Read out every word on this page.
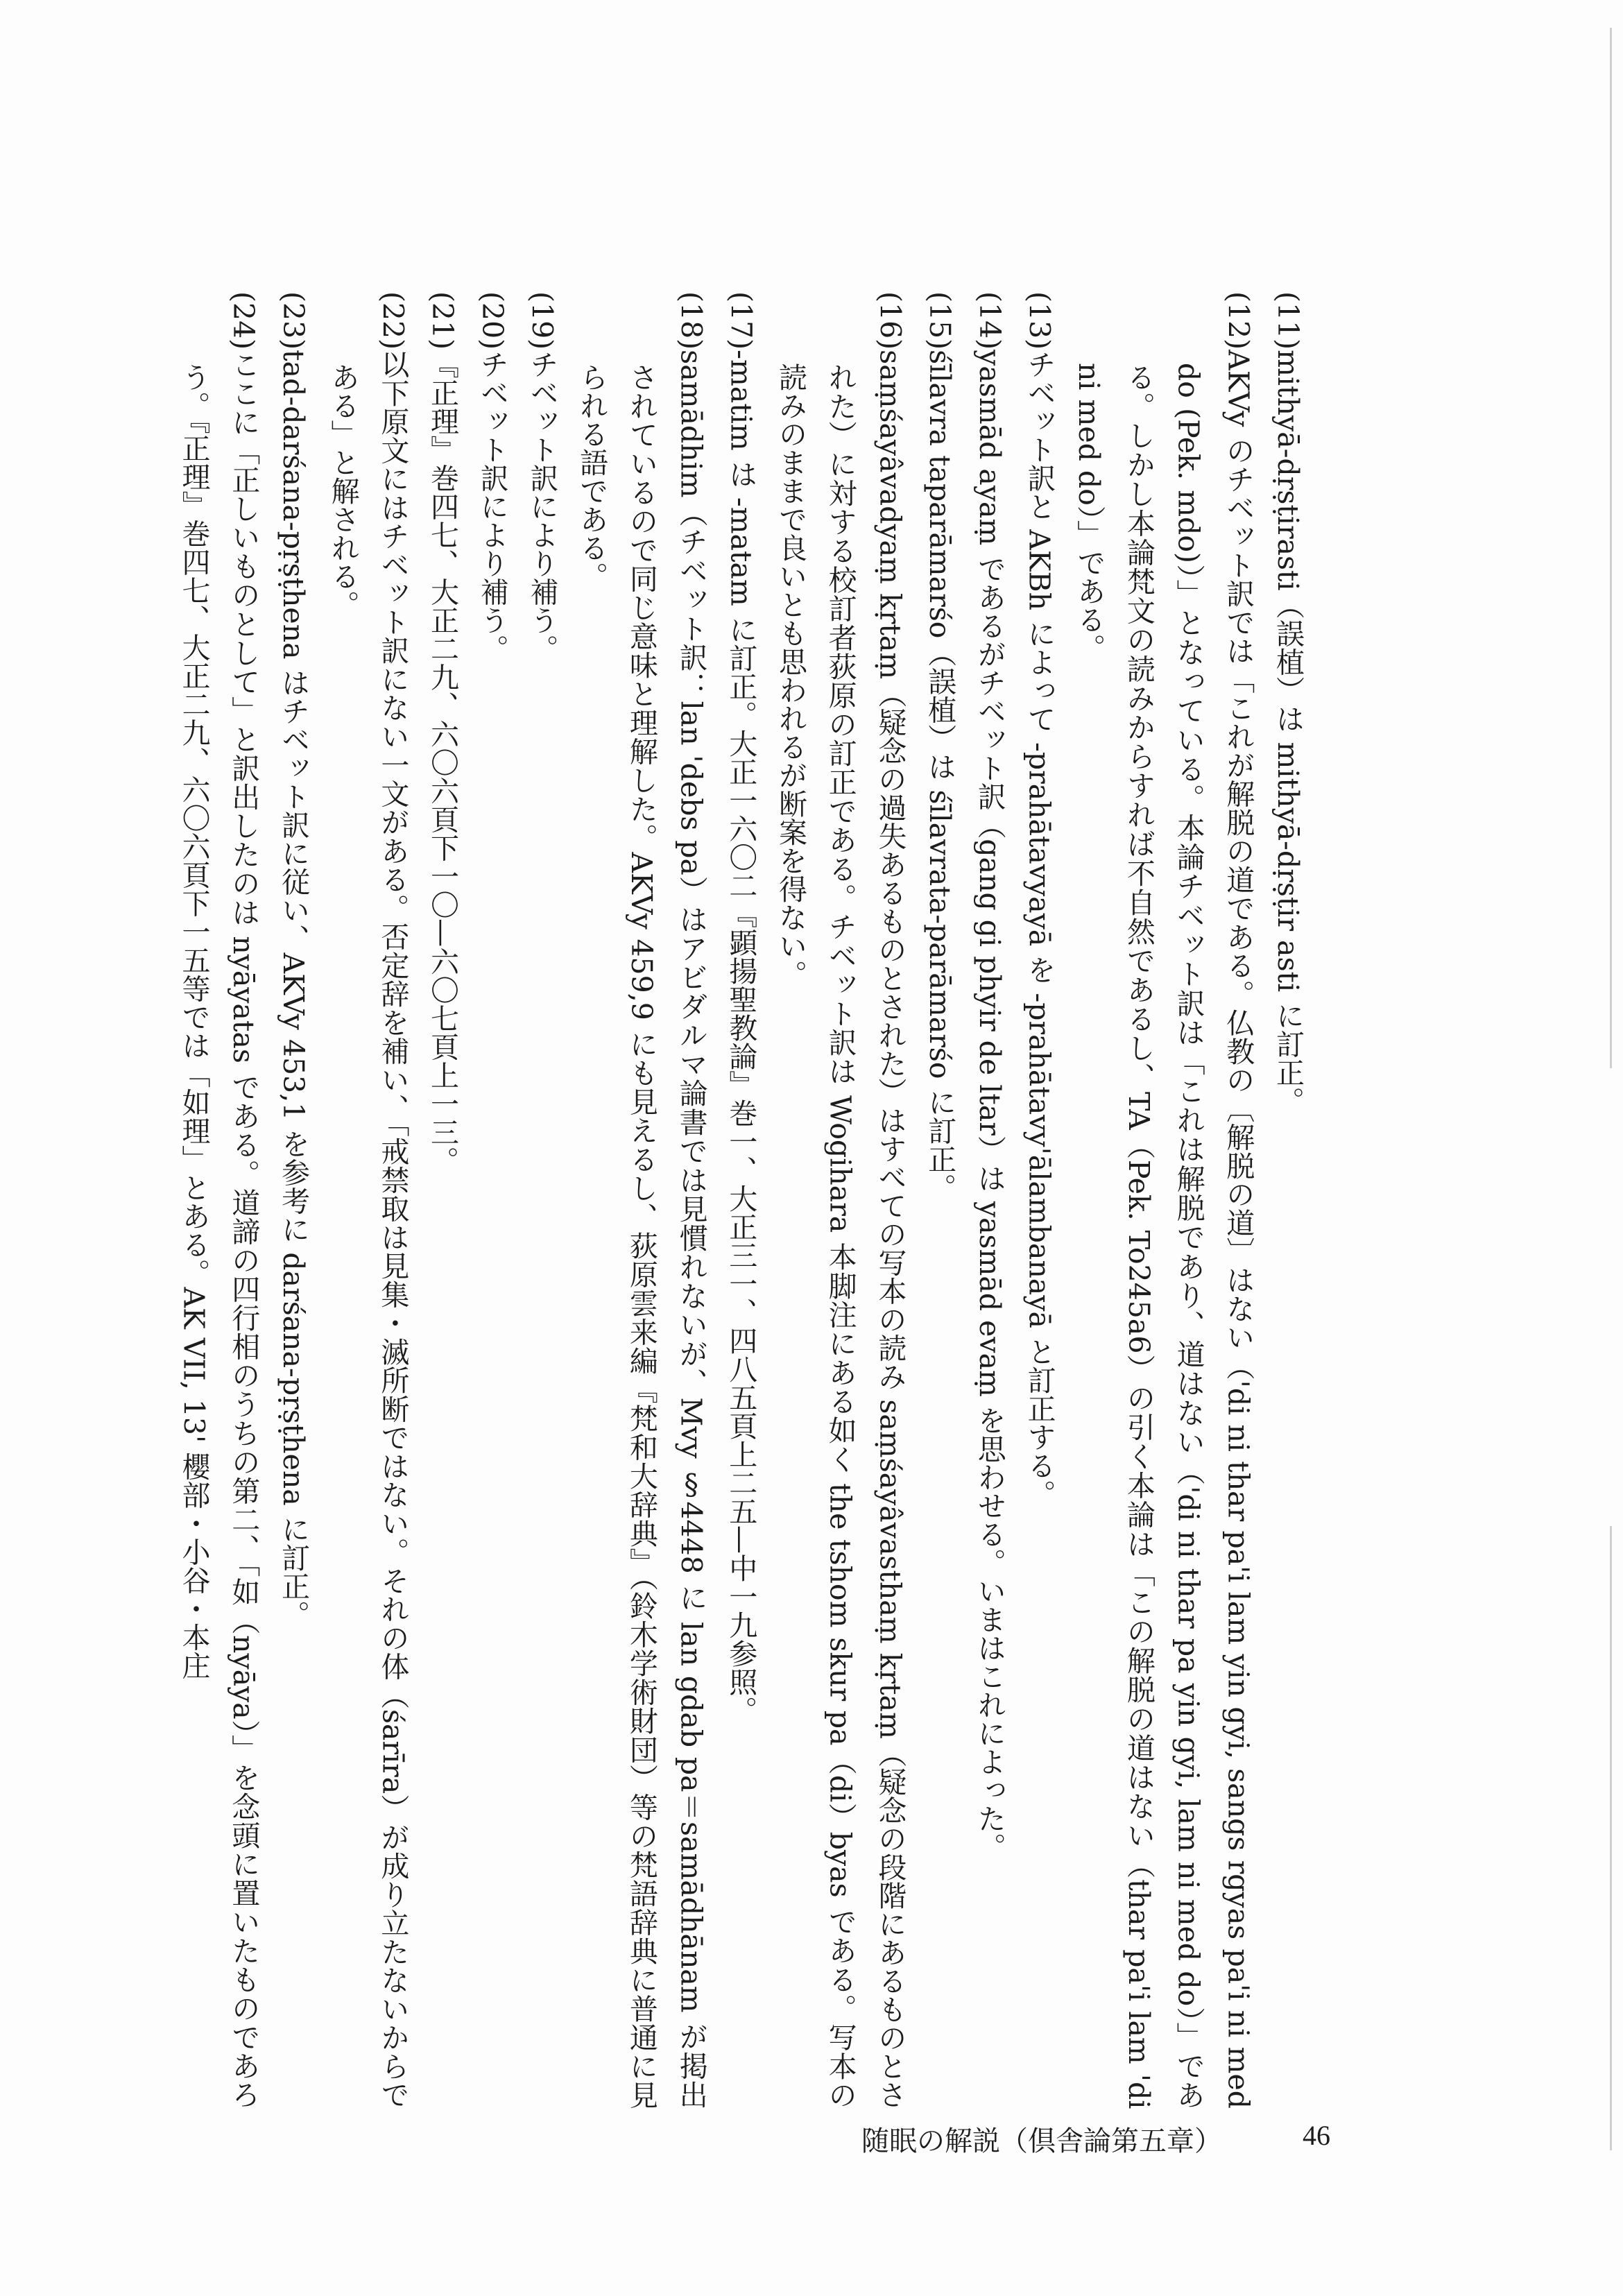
(11)mithyā-dṛṣṭirasti（誤植）は mithyā-dṛṣṭir asti に訂正。

(12)AKVy のチベット訳では「これが解脱の道である。仏教の〔解脱の道〕はない（'di ni thar pa'i lam yin gyi, sangs rgyas pa'i ni med do (Pek. mdo)）」となっている。本論チベット訳は「これは解脱であり、道はない（'di ni thar pa yin gyi, lam ni med do）」である。しかし本論梵文の読みからすれば不自然であるし、TA（Pek. To245a6）の引く本論は「この解脱の道はない（thar pa'i lam 'di ni med do）」である。

(13)チベット訳と AKBh によって -prahātavyayā を -prahātavy'ālambanayā と訂正する。

(14)yasmād ayaṃ であるがチベット訳（gang gi phyir de ltar）は yasmād evaṃ を思わせる。いまはこれによった。

(15)śīlavra taparāmarśo（誤植）は śīlavrata-parāmarśo に訂正。

(16)saṃśayâvadyaṃ kṛtaṃ（疑念の過失あるものとされた）はすべての写本の読み saṃśayâvasthaṃ kṛtaṃ（疑念の段階にあるものとされた）に対する校訂者荻原の訂正である。チベット訳は Wogihara 本脚注にある如く the tshom skur pa（di）byas である。写本の読みのままで良いとも思われるが断案を得ない。

(17)-matim は -matam に訂正。大正一六〇二『顕揚聖教論』巻一、大正三一、四八五頁上二五—中一九参照。

(18)samādhim（チベット訳：lan 'debs pa）はアビダルマ論書では見慣れないが、Mvy §4448 に lan gdab pa＝samādhānam が掲出されているので同じ意味と理解した。AKVy 459,9 にも見えるし、荻原雲来編『梵和大辞典』（鈴木学術財団）等の梵語辞典に普通に見られる語である。

(19)チベット訳により補う。

(20)チベット訳により補う。

(21)『正理』巻四七、大正二九、六〇六頁下一〇—六〇七頁上一三。

(22)以下原文にはチベット訳にない一文がある。否定辞を補い、「戒禁取は見集・滅所断ではない。それの体（śarīra）が成り立たないからである」と解される。

(23)tad-darśana-pṛṣṭhena はチベット訳に従い、AKVy 453,1 を参考に darśana-pṛṣṭhena に訂正。

(24)ここに「正しいものとして」と訳出したのは nyāyatas である。道諦の四行相のうちの第二、「如（nyāya）」を念頭に置いたものであろう。『正理』巻四七、大正二九、六〇六頁下一五等では「如理」とある。AK VII, 13' 櫻部・小谷・本庄

随眠の解説（倶舎論第五章）	46
